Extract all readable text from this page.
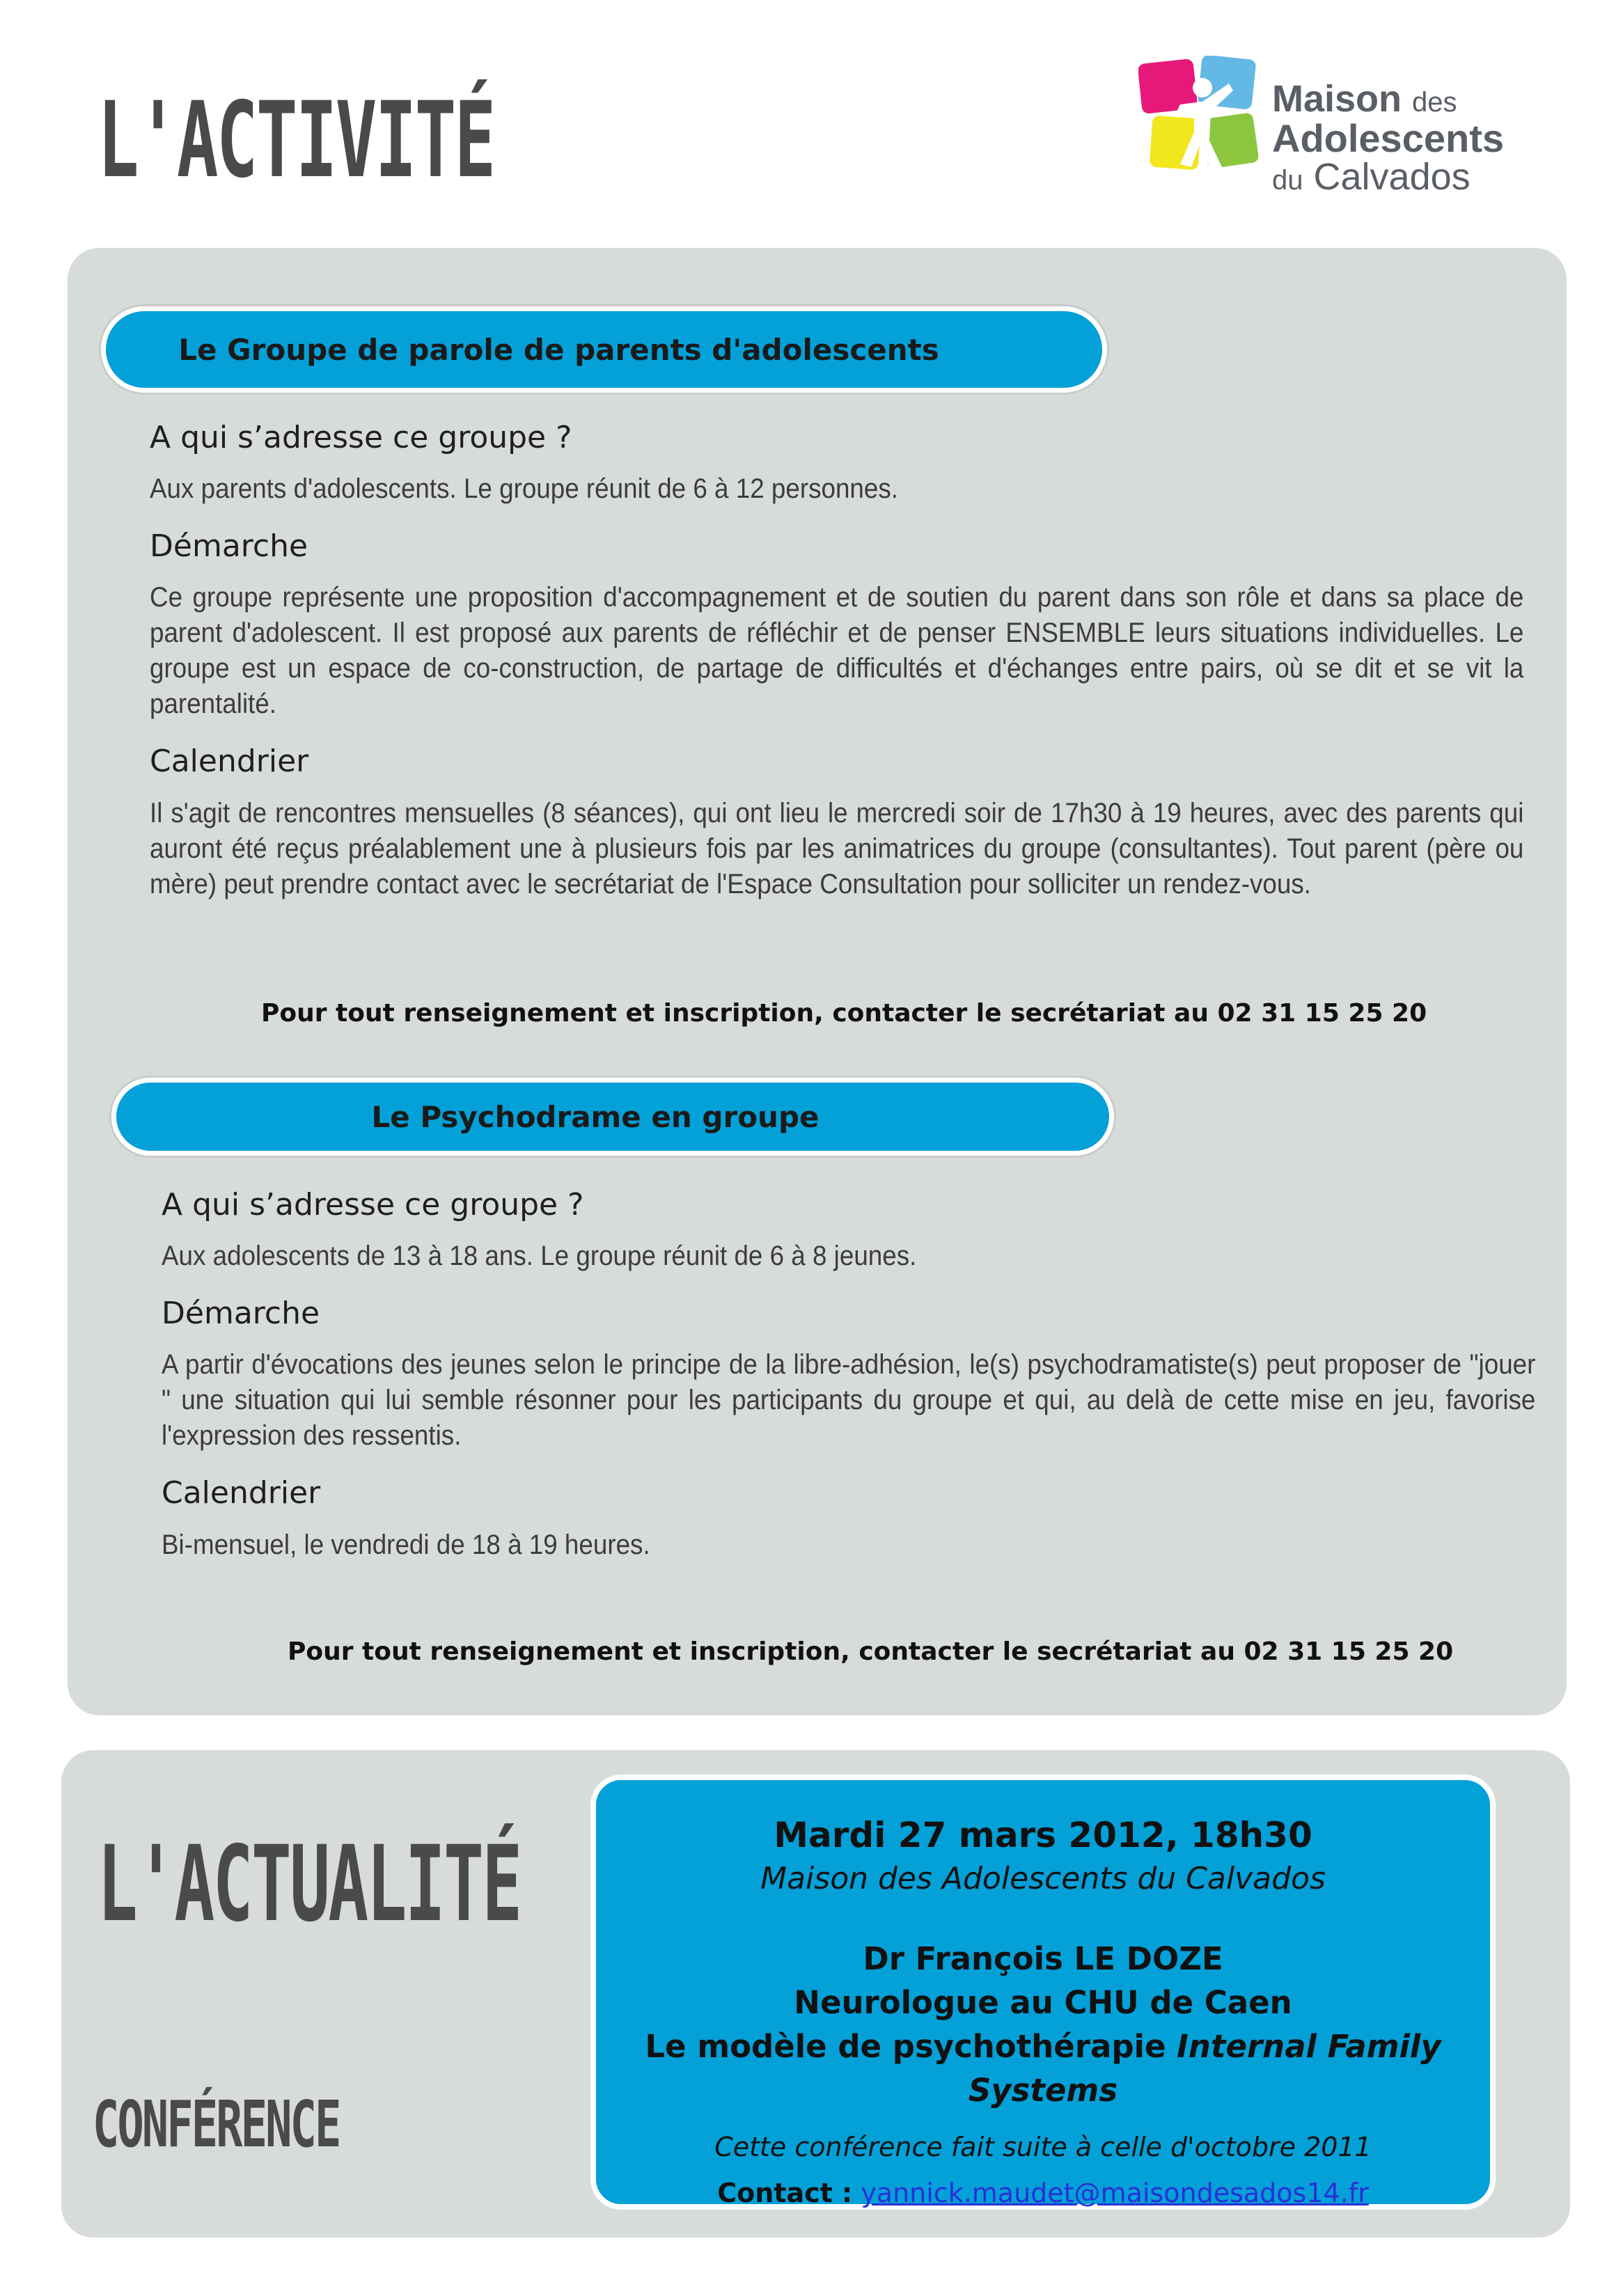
L'ACTIVITÉ	Maison des
Adolescents
du Calvados
Le Groupe de parole de parents d'adolescents
A qui s’adresse ce groupe ?

Aux parents d'adolescents. Le groupe réunit de 6 à 12 personnes.

Démarche

Ce groupe représente une proposition d'accompagnement et de soutien du parent dans son rôle et dans sa place de parent d'adolescent. Il est proposé aux parents de réfléchir et de penser ENSEMBLE leurs situations individuelles. Le groupe est un espace de co-construction, de partage de difficultés et d'échanges entre pairs, où se dit et se vit la parentalité.

Calendrier

Il s'agit de rencontres mensuelles (8 séances), qui ont lieu le mercredi soir de 17h30 à 19 heures, avec des parents qui auront été reçus préalablement une à plusieurs fois par les animatrices du groupe (consultantes). Tout parent (père ou mère) peut prendre contact avec le secrétariat de l'Espace Consultation pour solliciter un rendez-vous.

Pour tout renseignement et inscription, contacter le secrétariat au 02 31 15 25 20
Le Psychodrame en groupe
A qui s’adresse ce groupe ?

Aux adolescents de 13 à 18 ans. Le groupe réunit de 6 à 8 jeunes.

Démarche

A partir d'évocations des jeunes selon le principe de la libre-adhésion, le(s) psychodramatiste(s) peut proposer de "jouer " une situation qui lui semble résonner pour les participants du groupe et qui, au delà de cette mise en jeu, favorise l'expression des ressentis.

Calendrier

Bi-mensuel, le vendredi de 18 à 19 heures.

Pour tout renseignement et inscription, contacter le secrétariat au 02 31 15 25 20
L'ACTUALITÉ
CONFÉRENCE
Mardi 27 mars 2012, 18h30
Maison des Adolescents du Calvados
Dr François LE DOZE
Neurologue au CHU de Caen
Le modèle de psychothérapie Internal Family Systems
Cette conférence fait suite à celle d'octobre 2011
Contact : yannick.maudet@maisondesados14.fr
